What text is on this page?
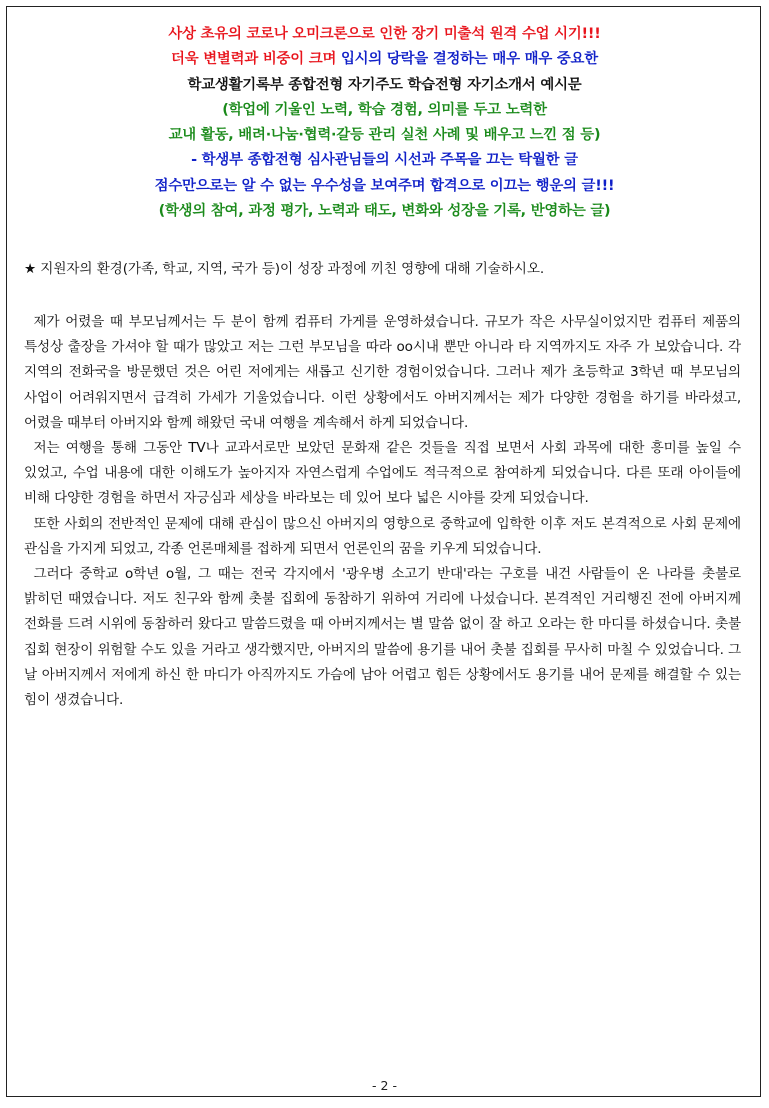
사상 초유의 코로나 오미크론으로 인한 장기 미출석 원격 수업 시기!!!
더욱 변별력과 비중이 크며 입시의 당락을 결정하는 매우 매우 중요한
학교생활기록부 종합전형 자기주도 학습전형 자기소개서 예시문
(학업에 기울인 노력, 학습 경험, 의미를 두고 노력한
교내 활동, 배려·나눔·협력·갈등 관리 실천 사례 및 배우고 느낀 점 등)
- 학생부 종합전형 심사관님들의 시선과 주목을 끄는 탁월한 글
점수만으로는 알 수 없는 우수성을 보여주며 합격으로 이끄는 행운의 글!!!
(학생의 참여, 과정 평가, 노력과 태도, 변화와 성장을 기록, 반영하는 글)
★ 지원자의 환경(가족, 학교, 지역, 국가 등)이 성장 과정에 끼친 영향에 대해 기술하시오.

제가 어렸을 때 부모님께서는 두 분이 함께 컴퓨터 가게를 운영하셨습니다. 규모가 작은 사무실이었지만 컴퓨터 제품의 특성상 출장을 가셔야 할 때가 많았고 저는 그런 부모님을 따라 oo시내 뿐만 아니라 타 지역까지도 자주 가 보았습니다. 각 지역의 전화국을 방문했던 것은 어린 저에게는 새롭고 신기한 경험이었습니다. 그러나 제가 초등학교 3학년 때 부모님의 사업이 어려워지면서 급격히 가세가 기울었습니다. 이런 상황에서도 아버지께서는 제가 다양한 경험을 하기를 바라셨고, 어렸을 때부터 아버지와 함께 해왔던 국내 여행을 계속해서 하게 되었습니다.

저는 여행을 통해 그동안 TV나 교과서로만 보았던 문화재 같은 것들을 직접 보면서 사회 과목에 대한 흥미를 높일 수 있었고, 수업 내용에 대한 이해도가 높아지자 자연스럽게 수업에도 적극적으로 참여하게 되었습니다. 다른 또래 아이들에 비해 다양한 경험을 하면서 자긍심과 세상을 바라보는 데 있어 보다 넓은 시야를 갖게 되었습니다.

또한 사회의 전반적인 문제에 대해 관심이 많으신 아버지의 영향으로 중학교에 입학한 이후 저도 본격적으로 사회 문제에 관심을 가지게 되었고, 각종 언론매체를 접하게 되면서 언론인의 꿈을 키우게 되었습니다.

그러다 중학교 o학년 o월, 그 때는 전국 각지에서 '광우병 소고기 반대'라는 구호를 내건 사람들이 온 나라를 촛불로 밝히던 때였습니다. 저도 친구와 함께 촛불 집회에 동참하기 위하여 거리에 나섰습니다. 본격적인 거리행진 전에 아버지께 전화를 드려 시위에 동참하러 왔다고 말씀드렸을 때 아버지께서는 별 말씀 없이 잘 하고 오라는 한 마디를 하셨습니다. 촛불 집회 현장이 위험할 수도 있을 거라고 생각했지만, 아버지의 말씀에 용기를 내어 촛불 집회를 무사히 마칠 수 있었습니다. 그 날 아버지께서 저에게 하신 한 마디가 아직까지도 가슴에 남아 어렵고 힘든 상황에서도 용기를 내어 문제를 해결할 수 있는 힘이 생겼습니다.

- 2 -
